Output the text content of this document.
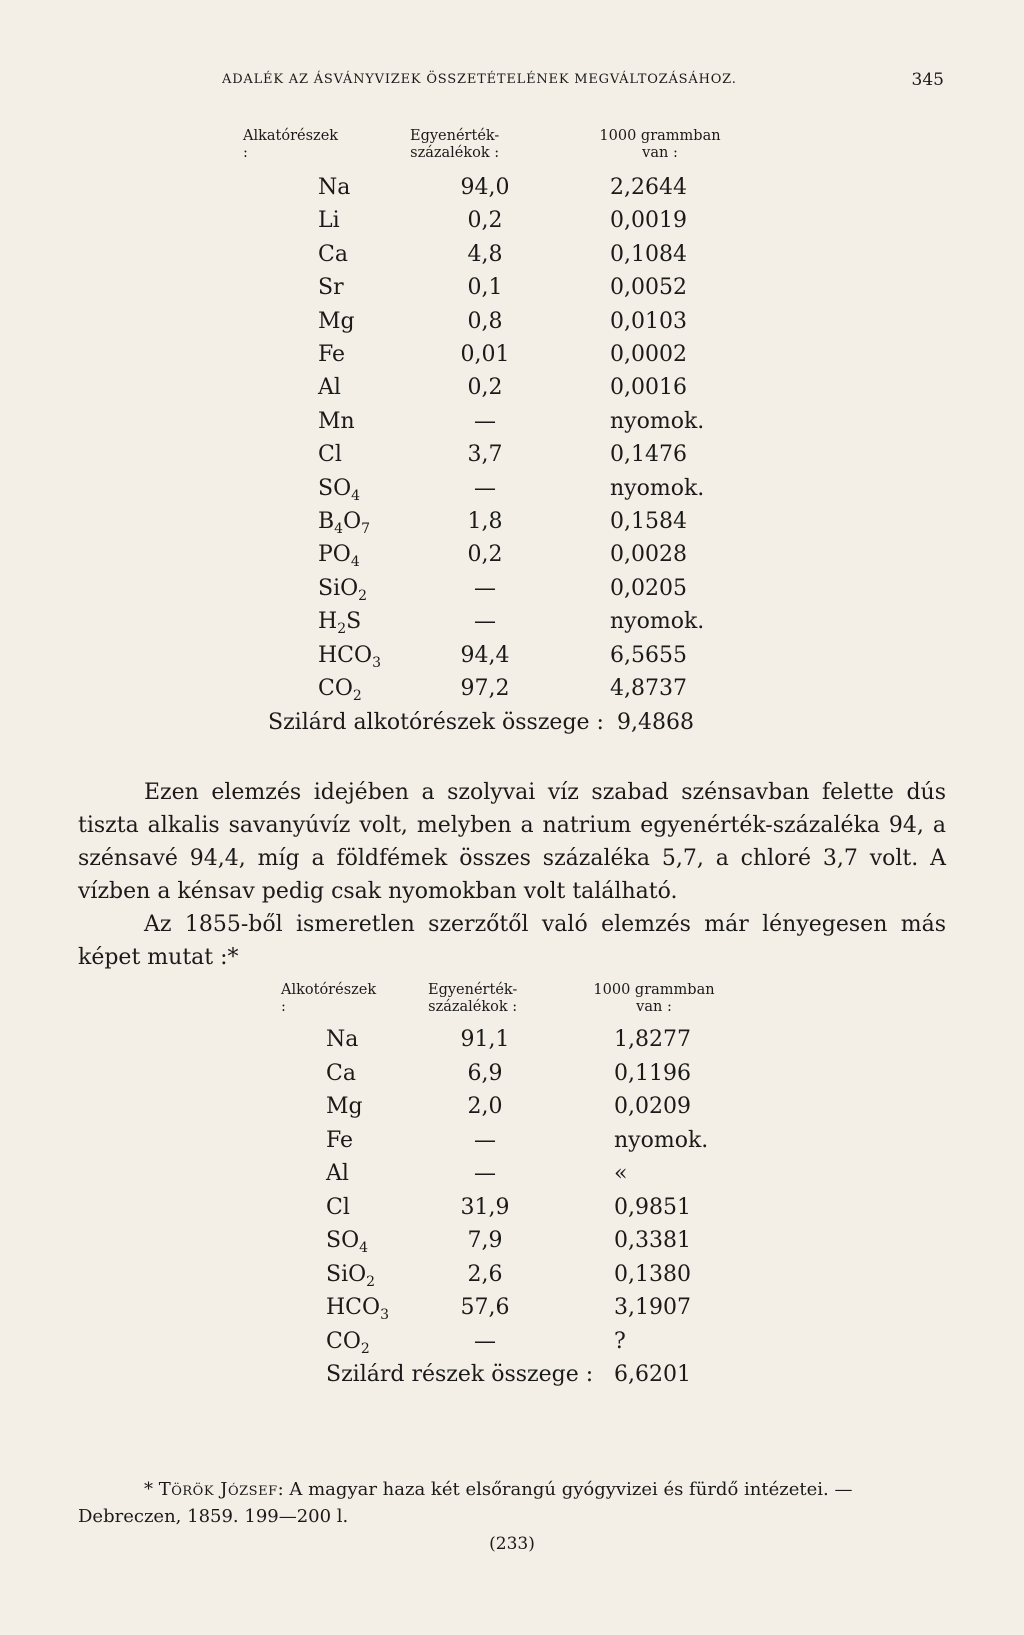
ADALÉK AZ ÁSVÁNYVIZEK ÖSSZETÉTELÉNEK MEGVÁLTOZÁSÁHOZ.	345
Alkatórészek :
Egyenérték-
százalékok :
1000 grammban
van :
Na	94,0	2,2644
Li	0,2	0,0019
Ca	4,8	0,1084
Sr	0,1	0,0052
Mg	0,8	0,0103
Fe	0,01	0,0002
Al	0,2	0,0016
Mn	—	nyomok.
Cl	3,7	0,1476
$SO_4$	—	nyomok.
$B_4O_7$	1,8	0,1584
$PO_4$	0,2	0,0028
SiO$_2$	—	0,0205
$H_2S$	—	nyomok.
$HCO_3$	94,4	6,5655
$CO_2$	97,2	4,8737
Szilárd alkotórészek összege : 9,4868

Ezen elemzés idejében a szolyvai víz szabad szénsavban felette dús tiszta alkalis savanyúvíz volt, melyben a natrium egyenérték-százaléka 94, a szénsavé 94,4, míg a földfémek összes százaléka 5,7, a chloré 3,7 volt. A vízben a kénsav pedig csak nyomokban volt található.

Az 1855-ből ismeretlen szerzőtől való elemzés már lényegesen más képet mutat :*

Alkotórészek :
Egyenérték-
százalékok :
1000 grammban
van :
Na	91,1	1,8277
Ca	6,9	0,1196
Mg	2,0	0,0209
Fe	—	nyomok.
Al	—	«
Cl	31,9	0,9851
$SO_4$	7,9	0,3381
SiO$_2$	2,6	0,1380
$HCO_3$	57,6	3,1907
$CO_2$	—	?
Szilárd részek összege : 6,6201
* Török József: A magyar haza két elsőrangú gyógyvizei és fürdő intézetei. — Debreczen, 1859. 199—200 l.
(233)
